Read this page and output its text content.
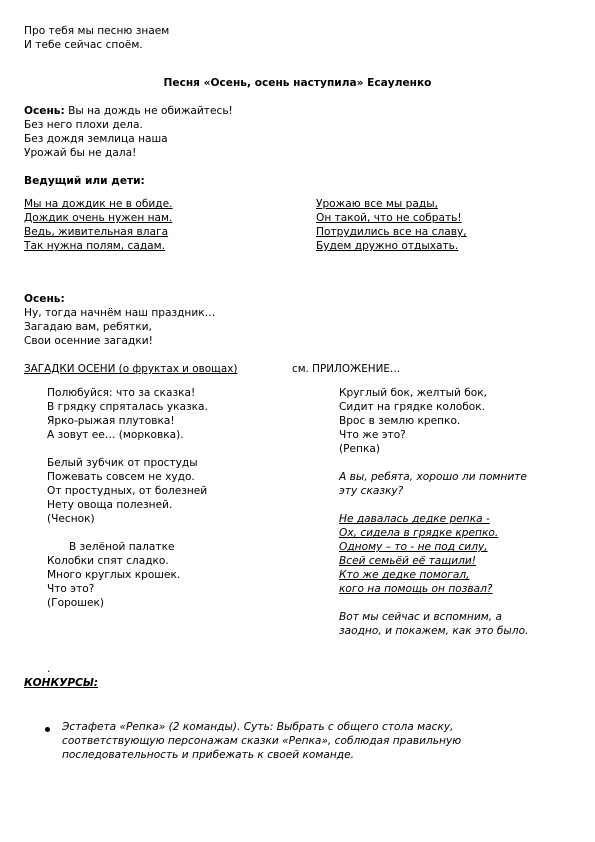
Про тебя мы песню знаем
И тебе сейчас споём.
Песня «Осень, осень наступила» Есауленко
Осень: Вы на дождь не обижайтесь!
Без него плохи дела.
Без дождя землица наша
Урожай бы не дала!
Ведущий или дети:
Мы на дождик не в обиде.
Дождик очень нужен нам.
Ведь, живительная влага
Так нужна полям, садам.
Урожаю все мы рады,
Он такой, что не собрать!
Потрудились все на славу,
Будем дружно отдыхать.
Осень:
Ну, тогда начнём наш праздник…
Загадаю вам, ребятки,
Свои осенние загадки!
ЗАГАДКИ ОСЕНИ (о фруктах и овощах)	см. ПРИЛОЖЕНИЕ…
Полюбуйся: что за сказка!
В грядку спряталась указка.
Ярко-рыжая плутовка!
А зовут ее… (морковка).
Белый зубчик от простуды
Пожевать совсем не худо.
От простудных, от болезней
Нету овоща полезней.
(Чеснок)
В зелёной палатке
Колобки спят сладко.
Много круглых крошек.
Что это?
(Горошек)
Круглый бок, желтый бок,
Сидит на грядке колобок.
Врос в землю крепко.
Что же это?
(Репка)
А вы, ребята, хорошо ли помните
эту сказку?
Не давалась дедке репка -
Ох, сидела в грядке крепко.
Одному – то - не под силу,
Всей семьёй её тащили!
Кто же дедке помогал,
кого на помощь он позвал?
Вот мы сейчас и вспомним, а
заодно, и покажем, как это было.
.
КОНКУРСЫ:
Эстафета «Репка» (2 команды). Суть: Выбрать с общего стола маску,
соответствующую персонажам сказки «Репка», соблюдая правильную
последовательность и прибежать к своей команде.
